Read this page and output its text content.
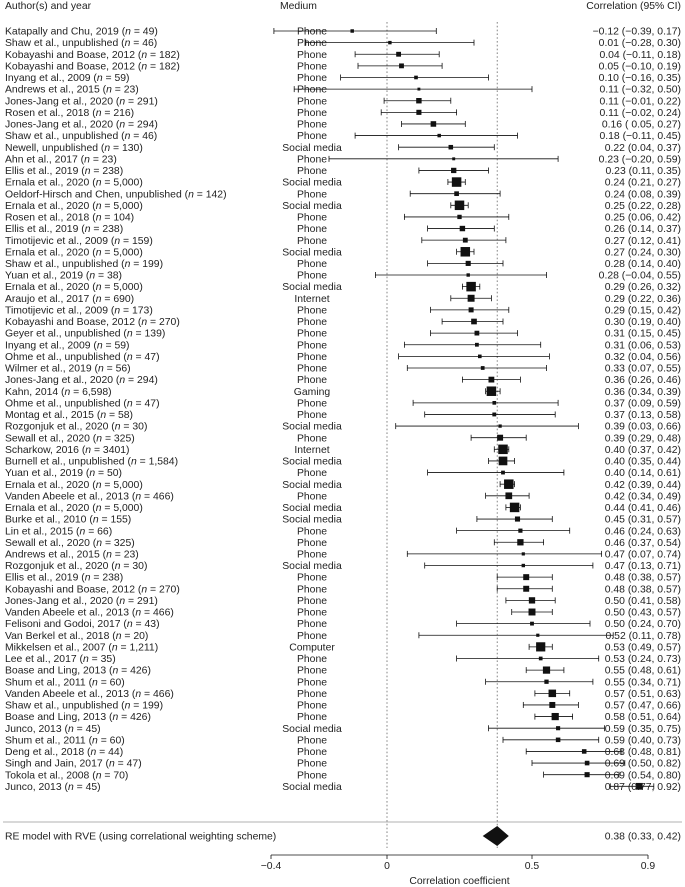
Author(s) and year	Medium	Correlation (95% CI)
Katapally and Chu, 2019 (n = 49)	Phone	−0.12 (−0.39, 0.17)
Shaw et al., unpublished (n = 46)	Phone	0.01 (−0.28, 0.30)
Kobayashi and Boase, 2012 (n = 182)	Phone	0.04 (−0.11, 0.18)
Kobayashi and Boase, 2012 (n = 182)	Phone	0.05 (−0.10, 0.19)
Inyang et al., 2009 (n = 59)	Phone	0.10 (−0.16, 0.35)
Andrews et al., 2015 (n = 23)	Phone	0.11 (−0.32, 0.50)
Jones-Jang et al., 2020 (n = 291)	Phone	0.11 (−0.01, 0.22)
Rosen et al., 2018 (n = 216)	Phone	0.11 (−0.02, 0.24)
Jones-Jang et al., 2020 (n = 294)	Phone	0.16 ( 0.05, 0.27)
Shaw et al., unpublished (n = 46)	Phone	0.18 (−0.11, 0.45)
Newell, unpublished (n = 130)	Social media	0.22 (0.04, 0.37)
Ahn et al., 2017 (n = 23)	Phone	0.23 (−0.20, 0.59)
Ellis et al., 2019 (n = 238)	Phone	0.23 (0.11, 0.35)
Ernala et al., 2020 (n = 5,000)	Social media	0.24 (0.21, 0.27)
Oeldorf-Hirsch and Chen, unpublished (n = 142)	Phone	0.24 (0.08, 0.39)
Ernala et al., 2020 (n = 5,000)	Social media	0.25 (0.22, 0.28)
Rosen et al., 2018 (n = 104)	Phone	0.25 (0.06, 0.42)
Ellis et al., 2019 (n = 238)	Phone	0.26 (0.14, 0.37)
Timotijevic et al., 2009 (n = 159)	Phone	0.27 (0.12, 0.41)
Ernala et al., 2020 (n = 5,000)	Social media	0.27 (0.24, 0.30)
Shaw et al., unpublished (n = 199)	Phone	0.28 (0.14, 0.40)
Yuan et al., 2019 (n = 38)	Phone	0.28 (−0.04, 0.55)
Ernala et al., 2020 (n = 5,000)	Social media	0.29 (0.26, 0.32)
Araujo et al., 2017 (n = 690)	Internet	0.29 (0.22, 0.36)
Timotijevic et al., 2009 (n = 173)	Phone	0.29 (0.15, 0.42)
Kobayashi and Boase, 2012 (n = 270)	Phone	0.30 (0.19, 0.40)
Geyer et al., unpublished (n = 139)	Phone	0.31 (0.15, 0.45)
Inyang et al., 2009 (n = 59)	Phone	0.31 (0.06, 0.53)
Ohme et al., unpublished (n = 47)	Phone	0.32 (0.04, 0.56)
Wilmer et al., 2019 (n = 56)	Phone	0.33 (0.07, 0.55)
Jones-Jang et al., 2020 (n = 294)	Phone	0.36 (0.26, 0.46)
Kahn, 2014 (n = 6,598)	Gaming	0.36 (0.34, 0.39)
Ohme et al., unpublished (n = 47)	Phone	0.37 (0.09, 0.59)
Montag et al., 2015 (n = 58)	Phone	0.37 (0.13, 0.58)
Rozgonjuk et al., 2020 (n = 30)	Social media	0.39 (0.03, 0.66)
Sewall et al., 2020 (n = 325)	Phone	0.39 (0.29, 0.48)
Scharkow, 2016 (n = 3401)	Internet	0.40 (0.37, 0.42)
Burnell et al., unpublished (n = 1,584)	Social media	0.40 (0.35, 0.44)
Yuan et al., 2019 (n = 50)	Phone	0.40 (0.14, 0.61)
Ernala et al., 2020 (n = 5,000)	Social media	0.42 (0.39, 0.44)
Vanden Abeele et al., 2013 (n = 466)	Phone	0.42 (0.34, 0.49)
Ernala et al., 2020 (n = 5,000)	Social media	0.44 (0.41, 0.46)
Burke et al., 2010 (n = 155)	Social media	0.45 (0.31, 0.57)
Lin et al., 2015 (n = 66)	Phone	0.46 (0.24, 0.63)
Sewall et al., 2020 (n = 325)	Phone	0.46 (0.37, 0.54)
Andrews et al., 2015 (n = 23)	Phone	0.47 (0.07, 0.74)
Rozgonjuk et al., 2020 (n = 30)	Social media	0.47 (0.13, 0.71)
Ellis et al., 2019 (n = 238)	Phone	0.48 (0.38, 0.57)
Kobayashi and Boase, 2012 (n = 270)	Phone	0.48 (0.38, 0.57)
Jones-Jang et al., 2020 (n = 291)	Phone	0.50 (0.41, 0.58)
Vanden Abeele et al., 2013 (n = 466)	Phone	0.50 (0.43, 0.57)
Felisoni and Godoi, 2017 (n = 43)	Phone	0.50 (0.24, 0.70)
Van Berkel et al., 2018 (n = 20)	Phone	0.52 (0.11, 0.78)
Mikkelsen et al., 2007 (n = 1,211)	Computer	0.53 (0.49, 0.57)
Lee et al., 2017 (n = 35)	Phone	0.53 (0.24, 0.73)
Boase and Ling, 2013 (n = 426)	Phone	0.55 (0.48, 0.61)
Shum et al., 2011 (n = 60)	Phone	0.55 (0.34, 0.71)
Vanden Abeele et al., 2013 (n = 466)	Phone	0.57 (0.51, 0.63)
Shaw et al., unpublished (n = 199)	Phone	0.57 (0.47, 0.66)
Boase and Ling, 2013 (n = 426)	Phone	0.58 (0.51, 0.64)
Junco, 2013 (n = 45)	Social media	0.59 (0.35, 0.75)
Shum et al., 2011 (n = 60)	Phone	0.59 (0.40, 0.73)
Deng et al., 2018 (n = 44)	Phone	0.68 (0.48, 0.81)
Singh and Jain, 2017 (n = 47)	Phone	0.69 (0.50, 0.82)
Tokola et al., 2008 (n = 70)	Phone	0.69 (0.54, 0.80)
Junco, 2013 (n = 45)	Social media	0.87 (0.77, 0.92)
RE model with RVE (using correlational weighting scheme)	0.38 (0.33, 0.42)
−0.4	0	0.5	0.9
Correlation coefficient
